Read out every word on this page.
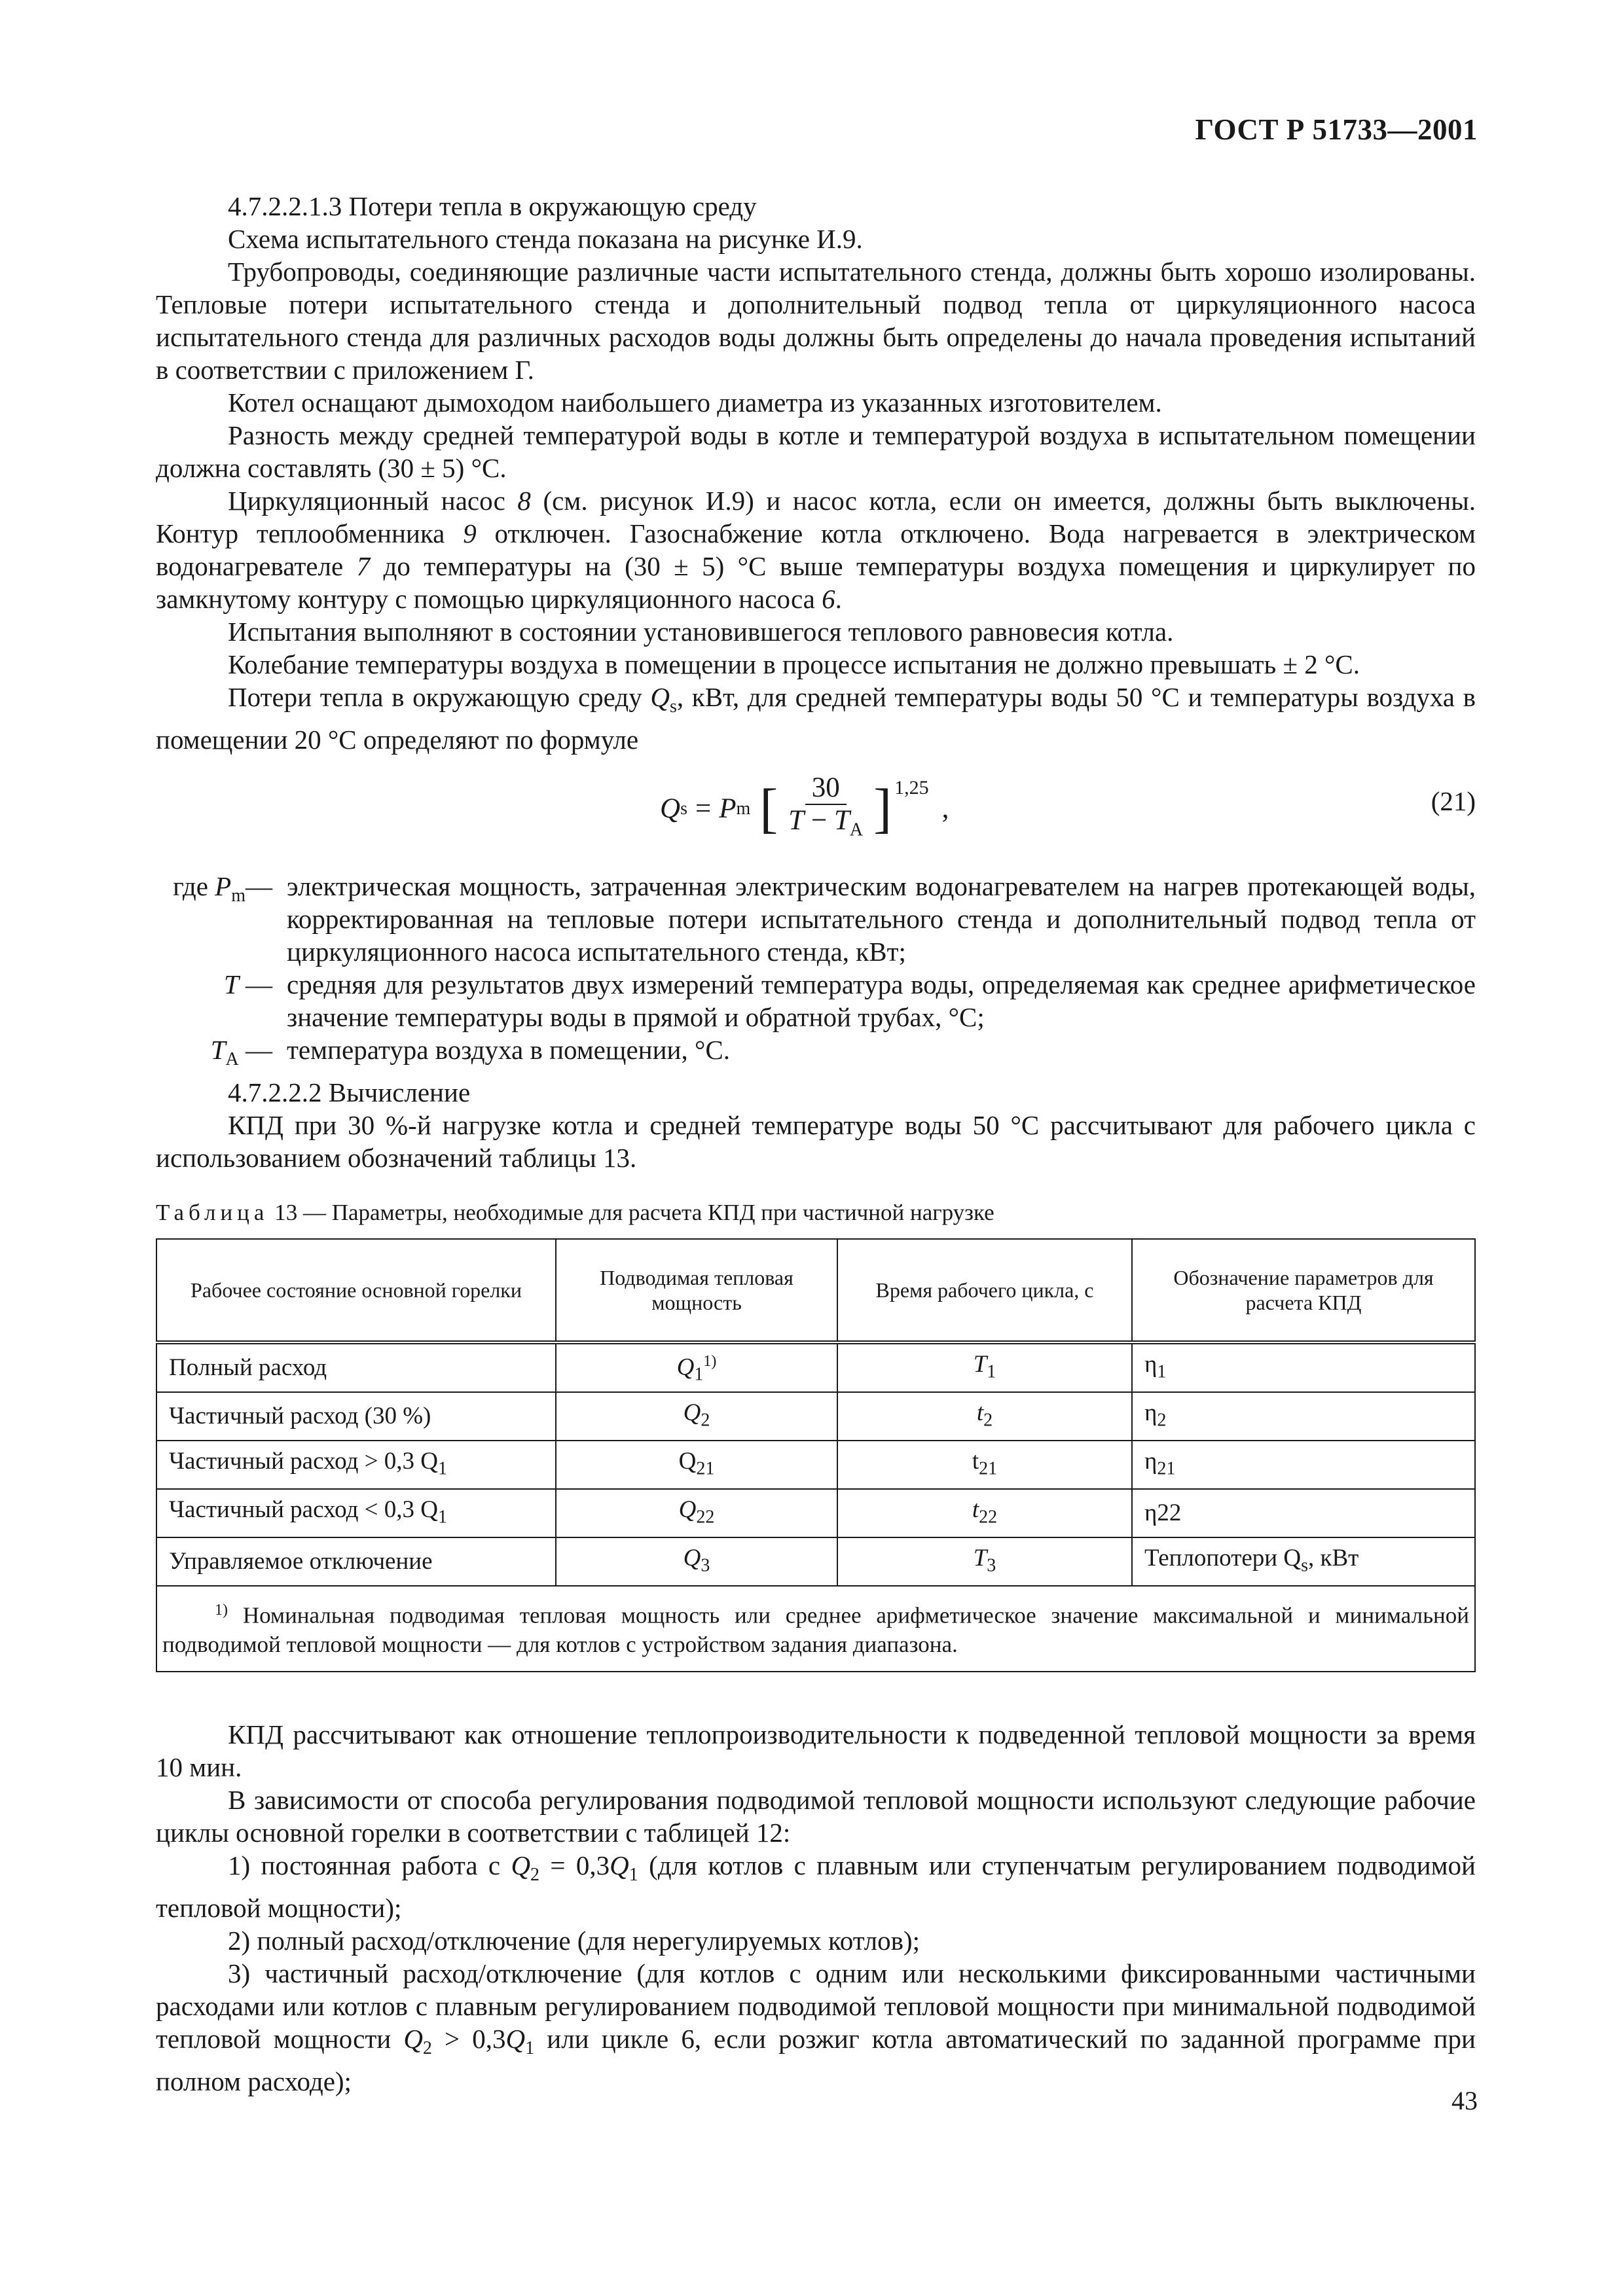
ГОСТ Р 51733—2001

4.7.2.2.1.3 Потери тепла в окружающую среду

Схема испытательного стенда показана на рисунке И.9.

Трубопроводы, соединяющие различные части испытательного стенда, должны быть хорошо изолированы. Тепловые потери испытательного стенда и дополнительный подвод тепла от циркуляционного насоса испытательного стенда для различных расходов воды должны быть определены до начала проведения испытаний в соответствии с приложением Г.

Котел оснащают дымоходом наибольшего диаметра из указанных изготовителем.

Разность между средней температурой воды в котле и температурой воздуха в испытательном помещении должна составлять (30 ± 5) °C.

Циркуляционный насос 8 (см. рисунок И.9) и насос котла, если он имеется, должны быть выключены. Контур теплообменника 9 отключен. Газоснабжение котла отключено. Вода нагревается в электрическом водонагревателе 7 до температуры на (30 ± 5) °C выше температуры воздуха помещения и циркулирует по замкнутому контуру с помощью циркуляционного насоса 6.

Испытания выполняют в состоянии установившегося теплового равновесия котла.

Колебание температуры воздуха в помещении в процессе испытания не должно превышать ± 2 °C.

Потери тепла в окружающую среду $Q_s$, кВт, для средней температуры воды 50 °C и температуры воздуха в помещении 20 °C определяют по формуле

Q s = P m [ $\frac{30}{T - T_A}$ ] 1,25
,	(21)
где $P_m—$ электрическая мощность, затраченная электрическим водонагревателем на нагрев протекающей воды, корректированная на тепловые потери испытательного стенда и дополнительный подвод тепла от циркуляционного насоса испытательного стенда, кВт;
T — средняя для результатов двух измерений температура воды, определяемая как среднее арифметическое значение температуры воды в прямой и обратной трубах, °C;
$T_A$ — температура воздуха в помещении, °C.

4.7.2.2.2 Вычисление

КПД при 30 %-й нагрузке котла и средней температуре воды 50 °C рассчитывают для рабочего цикла с использованием обозначений таблицы 13.

Таблица 13 — Параметры, необходимые для расчета КПД при частичной нагрузке
Рабочее состояние основной горелки	Подводимая тепловая мощность	Время рабочего цикла, с	Обозначение параметров для расчета КПД
Полный расход	$Q_1^{1)}$	$T_1$	$\eta_1$
Частичный расход (30 %)	$Q_2$	$t_2$	$\eta_2$
Частичный расход > 0,3 $Q_1$	$Q_{21}$	$t_{21}$	$\eta_{21}$
Частичный расход < 0,3 $Q_1$	$Q_{22}$	$t_{22}$	η22
Управляемое отключение	$Q_3$	$T_3$	Теплопотери $Q_s$, кВт
$^{1)}$ Номинальная подводимая тепловая мощность или среднее арифметическое значение максимальной и минимальной подводимой тепловой мощности — для котлов с устройством задания диапазона.			

КПД рассчитывают как отношение теплопроизводительности к подведенной тепловой мощности за время 10 мин.

В зависимости от способа регулирования подводимой тепловой мощности используют следующие рабочие циклы основной горелки в соответствии с таблицей 12:

1) постоянная работа с $Q_2 = 0,3Q_1$ (для котлов с плавным или ступенчатым регулированием подводимой тепловой мощности);

2) полный расход/отключение (для нерегулируемых котлов);

3) частичный расход/отключение (для котлов с одним или несколькими фиксированными частичными расходами или котлов с плавным регулированием подводимой тепловой мощности при минимальной подводимой тепловой мощности $Q_2 > 0,3Q_1$ или цикле 6, если розжиг котла автоматический по заданной программе при полном расходе);

43
